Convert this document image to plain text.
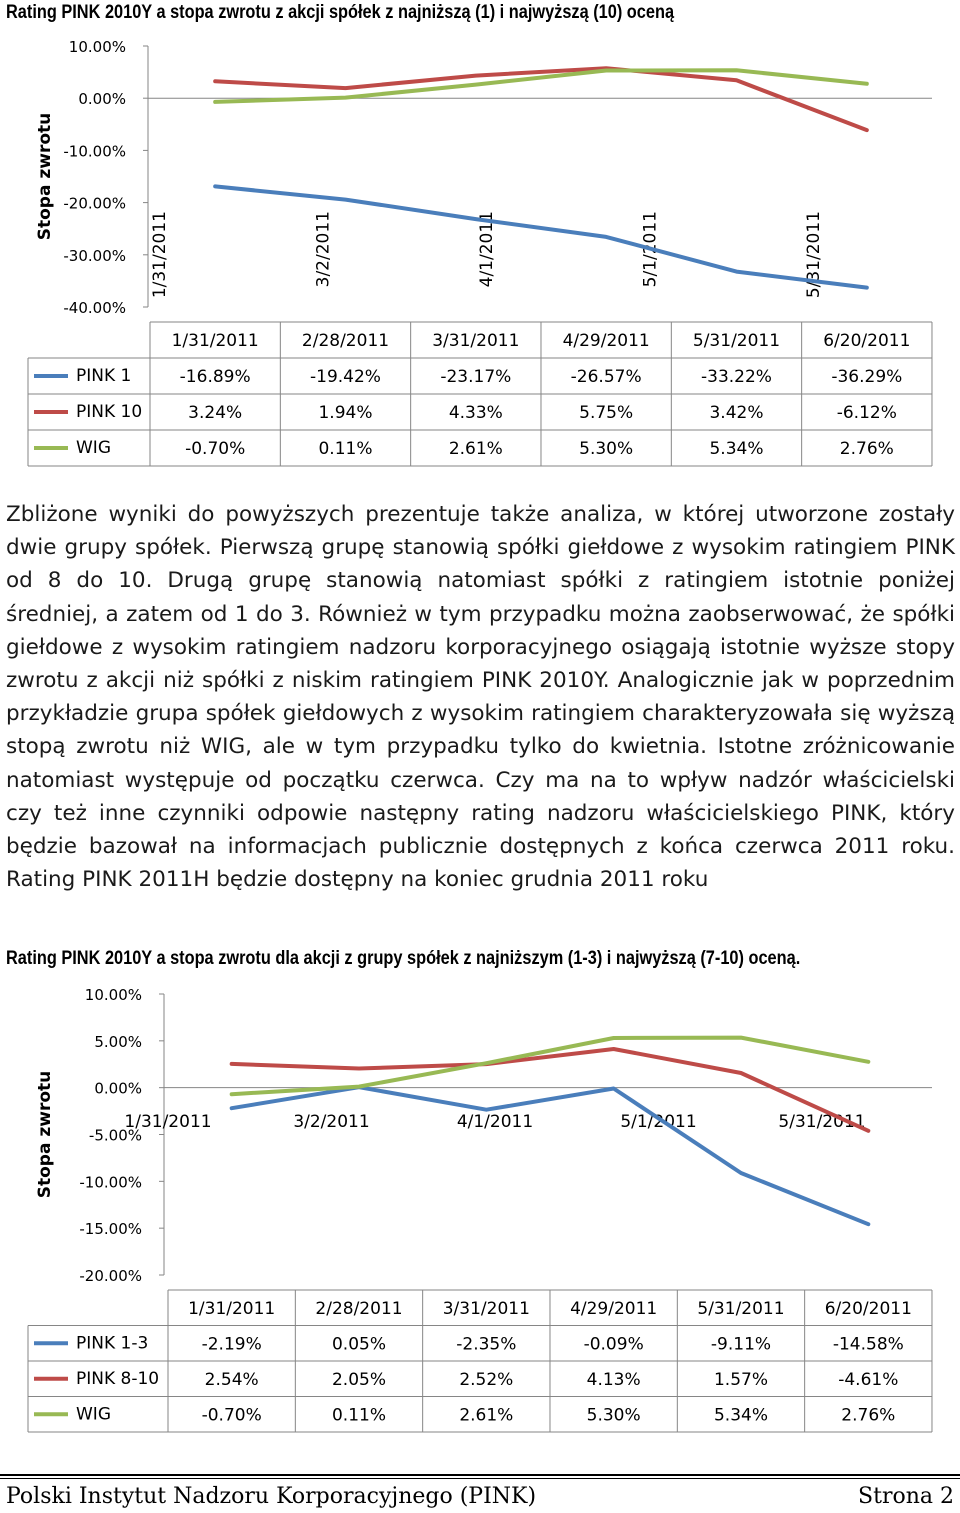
Rating PINK 2010Y a stopa zwrotu z akcji spółek z najniższą (1) i najwyższą (10) oceną
10.00%
0.00%
-10.00%
-20.00%
-30.00%
-40.00%
Stopa zwrotu
1/31/2011	3/2/2011	4/1/2011	5/1/2011	5/31/2011
1/31/2011	2/28/2011	3/31/2011	4/29/2011	5/31/2011	6/20/2011
PINK 1	-16.89%	-19.42%	-23.17%	-26.57%	-33.22%	-36.29%
PINK 10	3.24%	1.94%	4.33%	5.75%	3.42%	-6.12%
WIG	-0.70%	0.11%	2.61%	5.30%	5.34%	2.76%

Zbliżone wyniki do powyższych prezentuje także analiza, w której utworzone zostały dwie grupy spółek. Pierwszą grupę stanowią spółki giełdowe z wysokim ratingiem PINK od 8 do 10. Drugą grupę stanowią natomiast spółki z ratingiem istotnie poniżej średniej, a zatem od 1 do 3. Również w tym przypadku można zaobserwować, że spółki giełdowe z wysokim ratingiem nadzoru korporacyjnego osiągają istotnie wyższe stopy zwrotu z akcji niż spółki z niskim ratingiem PINK 2010Y. Analogicznie jak w poprzednim przykładzie grupa spółek giełdowych z wysokim ratingiem charakteryzowała się wyższą stopą zwrotu niż WIG, ale w tym przypadku tylko do kwietnia. Istotne zróżnicowanie natomiast występuje od początku czerwca. Czy ma na to wpływ nadzór właścicielski czy też inne czynniki odpowie następny rating nadzoru właścicielskiego PINK, który będzie bazował na informacjach publicznie dostępnych z końca czerwca 2011 roku. Rating PINK 2011H będzie dostępny na koniec grudnia 2011 roku

Rating PINK 2010Y a stopa zwrotu dla akcji z grupy spółek z najniższym (1-3) i najwyższą (7-10) oceną.
10.00%
5.00%
0.00%
-5.00%
-10.00%
-15.00%
-20.00%
Stopa zwrotu	1/31/2011	3/2/2011	4/1/2011	5/1/2011	5/31/2011
1/31/2011 2/28/2011 3/31/2011 4/29/2011 5/31/2011 6/20/2011
PINK 1-3	-2.19%	0.05%	-2.35%	-0.09%	-9.11%	-14.58%
PINK 8-10	2.54%	2.05%	2.52%	4.13%	1.57%	-4.61%
WIG	-0.70%	0.11%	2.61%	5.30%	5.34%	2.76%
Polski Instytut Nadzoru Korporacyjnego (PINK)	Strona 2
